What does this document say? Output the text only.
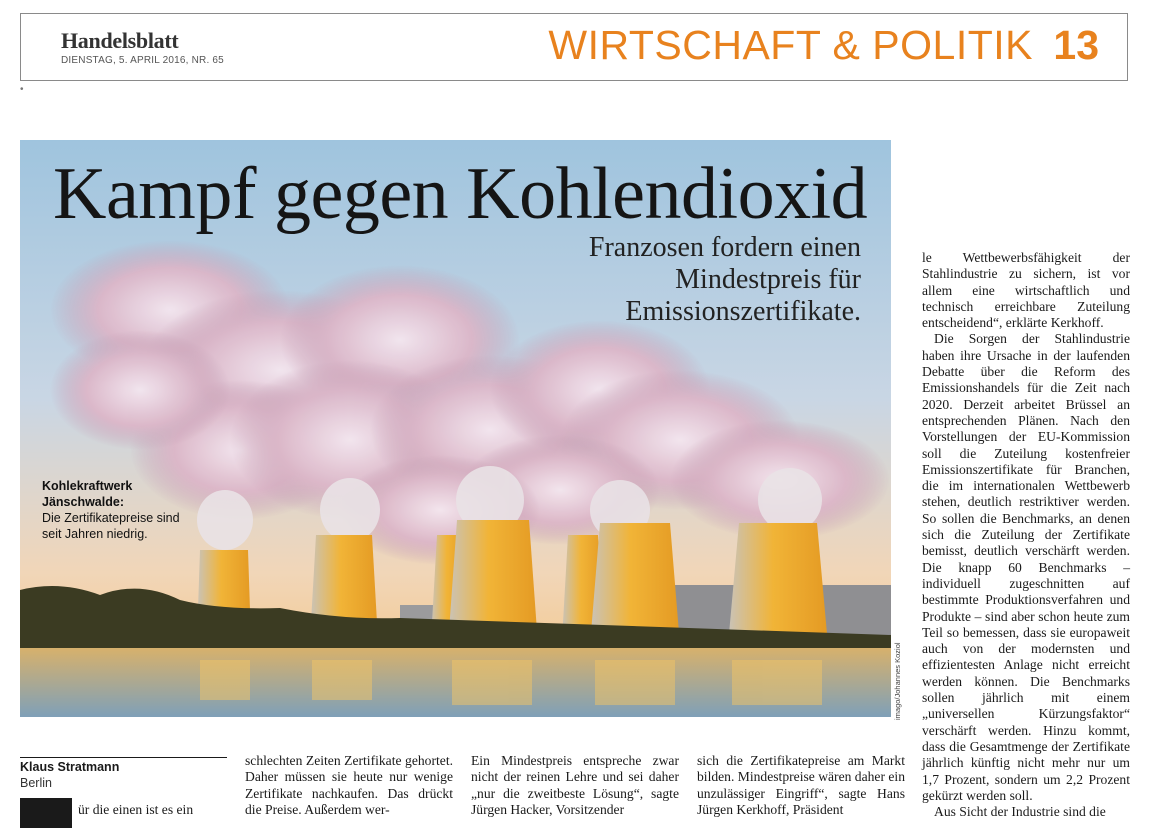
Handelsblatt
DIENSTAG, 5. APRIL 2016, NR. 65	WIRTSCHAFT & POLITIK 13
•
Kampf gegen Kohlendioxid
Franzosen fordern einen Mindestpreis für Emissionszertifikate.
Kohlekraftwerk Jänschwalde:
Die Zertifikatepreise sind seit Jahren niedrig.
imago/Johannes Koziol

le Wettbewerbsfähigkeit der Stahlindustrie zu sichern, ist vor allem eine wirtschaftlich und technisch erreichbare Zuteilung entscheidend“, erklärte Kerkhoff.

Die Sorgen der Stahlindustrie haben ihre Ursache in der laufenden Debatte über die Reform des Emissionshandels für die Zeit nach 2020. Derzeit arbeitet Brüssel an entsprechenden Plänen. Nach den Vorstellungen der EU-Kommission soll die Zuteilung kostenfreier Emissionszertifikate für Branchen, die im internationalen Wettbewerb stehen, deutlich restriktiver werden. So sollen die Benchmarks, an denen sich die Zuteilung der Zertifikate bemisst, deutlich verschärft werden. Die knapp 60 Benchmarks – individuell zugeschnitten auf bestimmte Produktionsverfahren und Produkte – sind aber schon heute zum Teil so bemessen, dass sie europaweit auch von der modernsten und effizientesten Anlage nicht erreicht werden können. Die Benchmarks sollen jährlich mit einem „universellen Kürzungsfaktor“ verschärft werden. Hinzu kommt, dass die Gesamtmenge der Zertifikate jährlich künftig nicht mehr nur um 1,7 Prozent, sondern um 2,2 Prozent gekürzt werden soll.

Aus Sicht der Industrie sind die

Klaus Stratmann
Berlin
ür die einen ist es ein

schlechten Zeiten Zertifikate gehortet. Daher müssen sie heute nur wenige Zertifikate nachkaufen. Das drückt die Preise. Außerdem wer-

Ein Mindestpreis entspreche zwar nicht der reinen Lehre und sei daher „nur die zweitbeste Lösung“, sagte Jürgen Hacker, Vorsitzender

sich die Zertifikatepreise am Markt bilden. Mindestpreise wären daher ein unzulässiger Eingriff“, sagte Hans Jürgen Kerkhoff, Präsident
